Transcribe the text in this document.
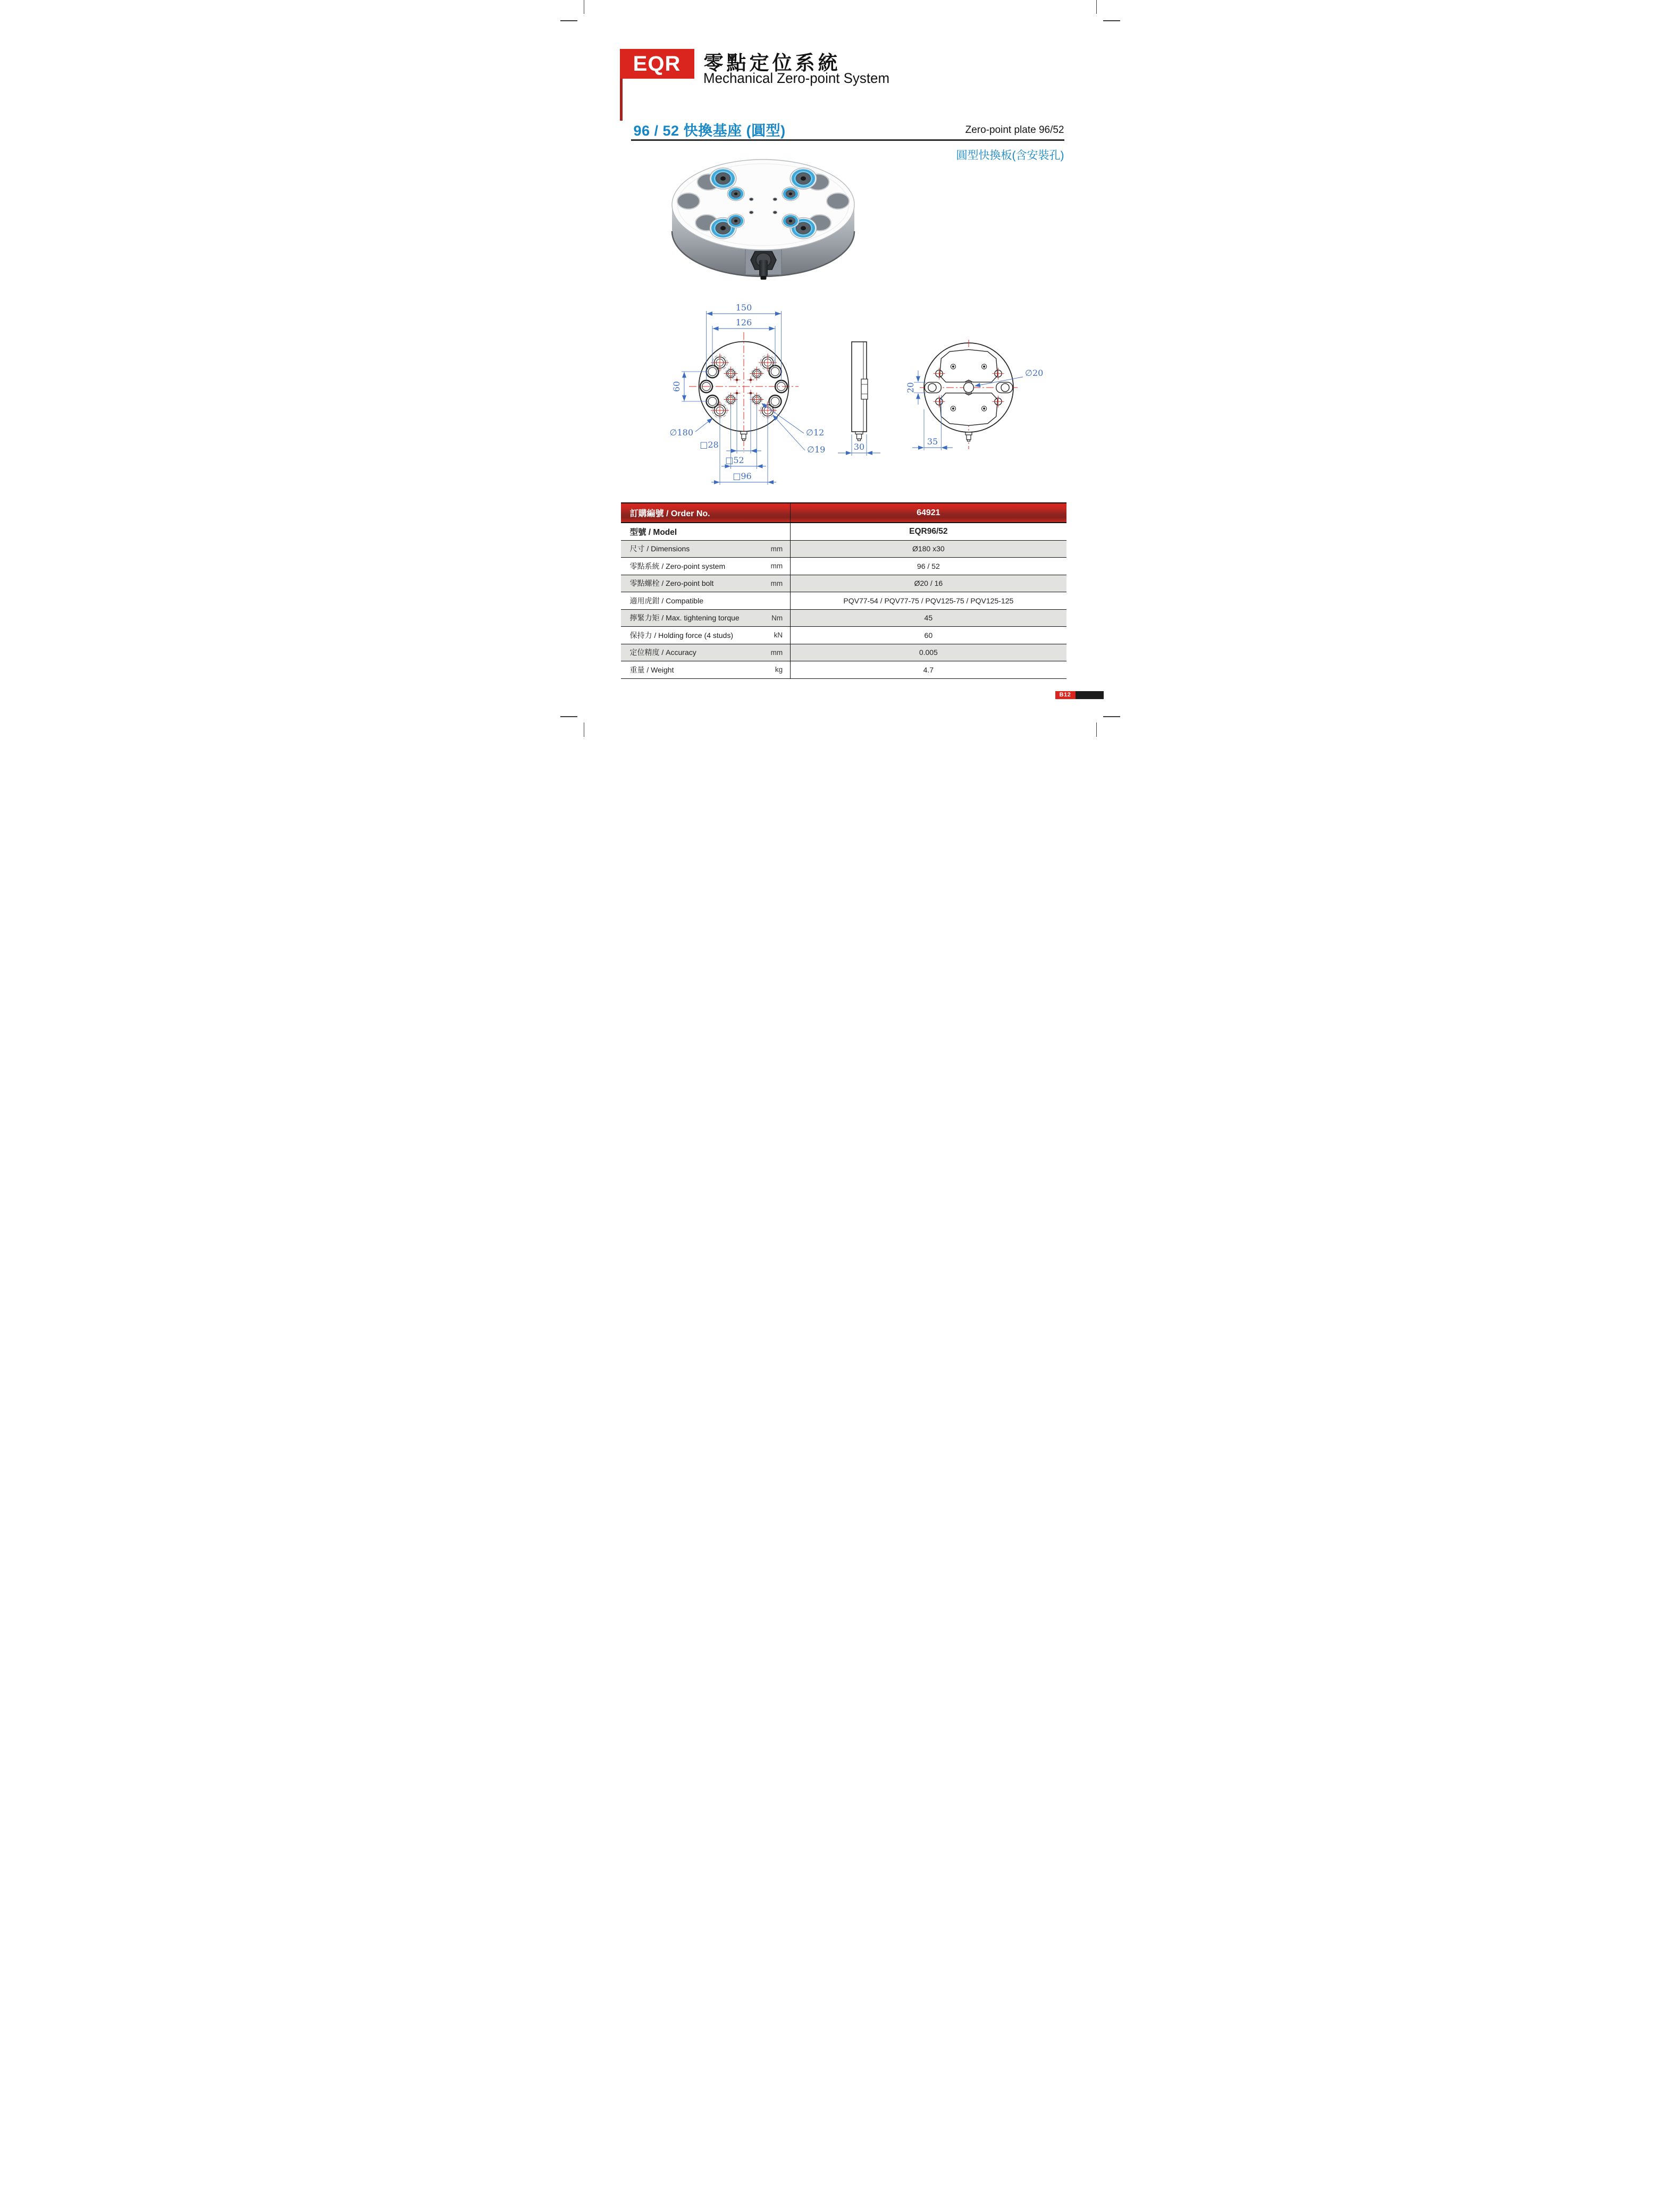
EQR 零點定位系統
Mechanical Zero-point System
96 / 52 快換基座 (圓型)	Zero-point plate 96/52
圓型快換板(含安裝孔)
150
126
60
∅180
□28
□52
□96
∅12
∅19	30
20
35
∅20
訂購編號 / Order No.	64921
型號 / Model	EQR96/52
尺寸 / Dimensions	mm	Ø180 x30
零點系統 / Zero-point system	mm	96 / 52
零點螺栓 / Zero-point bolt	mm	Ø20 / 16
適用虎鉗 / Compatible	PQV77-54 / PQV77-75 / PQV125-75 / PQV125-125
擰緊力矩 / Max. tightening torque	Nm	45
保持力 / Holding force (4 studs)	kN	60
定位精度 / Accuracy	mm	0.005
重量 / Weight	kg	4.7
B12
